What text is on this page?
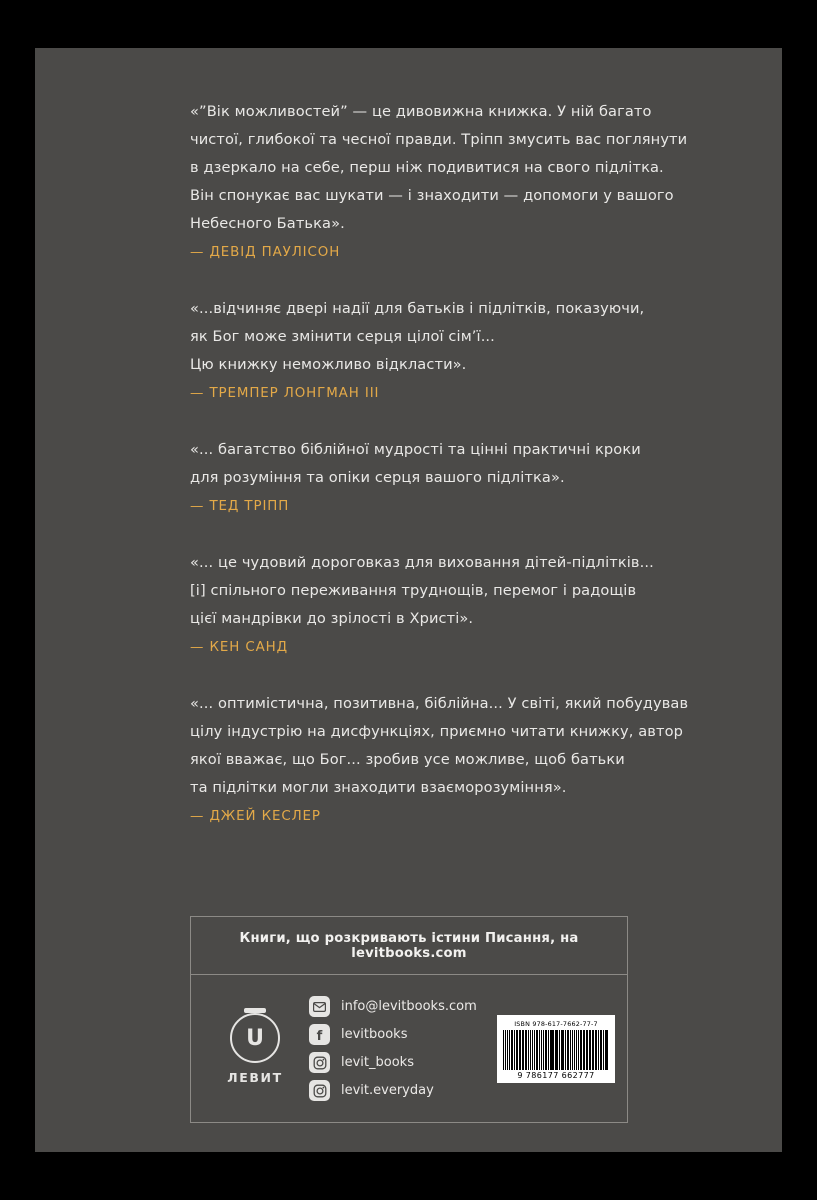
«”Вік можливостей” — це дивовижна книжка. У ній багато
чистої, глибокої та чесної правди. Тріпп змусить вас поглянути
в дзеркало на себе, перш ніж подивитися на свого підлітка.
Він спонукає вас шукати — і знаходити — допомоги у вашого
Небесного Батька».
— ДЕВІД ПАУЛІСОН
«...відчиняє двері надії для батьків і підлітків, показуючи,
як Бог може змінити серця цілої сім’ї...
Цю книжку неможливо відкласти».
— ТРЕМПЕР ЛОНГМАН III
«... багатство біблійної мудрості та цінні практичні кроки
для розуміння та опіки серця вашого підлітка».
— ТЕД ТРІПП
«... це чудовий дороговказ для виховання дітей-підлітків...
[і] спільного переживання труднощів, перемог і радощів
цієї мандрівки до зрілості в Христі».
— КЕН САНД
«... оптимістична, позитивна, біблійна... У світі, який побудував
цілу індустрію на дисфункціях, приємно читати книжку, автор
якої вважає, що Бог... зробив усе можливе, щоб батьки
та підлітки могли знаходити взаєморозуміння».
— ДЖЕЙ КЕСЛЕР
Книги, що розкривають істини Писання, на levitbooks.com
U
ЛЕВИТ
info@levitbooks.com
f levitbooks
levit_books
levit.everyday
ISBN 978-617-7662-77-7
9 786177 662777
